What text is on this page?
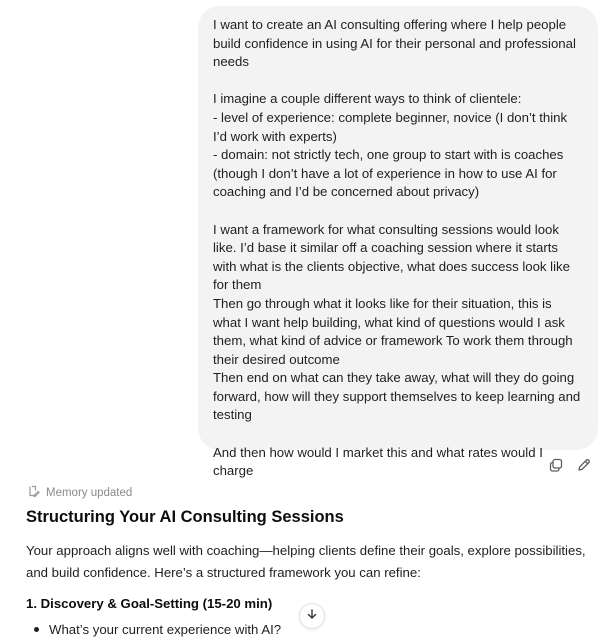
I want to create an AI consulting offering where I help people build confidence in using AI for their personal and professional needs

I imagine a couple different ways to think of clientele:
- level of experience: complete beginner, novice (I don’t think I’d work with experts)
- domain: not strictly tech, one group to start with is coaches (though I don’t have a lot of experience in how to use AI for coaching and I’d be concerned about privacy)

I want a framework for what consulting sessions would look like. I’d base it similar off a coaching session where it starts with what is the clients objective, what does success look like for them
Then go through what it looks like for their situation, this is what I want help building, what kind of questions would I ask them, what kind of advice or framework To work them through their desired outcome
Then end on what can they take away, what will they do going forward, how will they support themselves to keep learning and testing

And then how would I market this and what rates would I charge

Memory updated
Structuring Your AI Consulting Sessions

Your approach aligns well with coaching—helping clients define their goals, explore possibilities, and build confidence. Here’s a structured framework you can refine:

1. Discovery & Goal-Setting (15-20 min)
What’s your current experience with AI?
